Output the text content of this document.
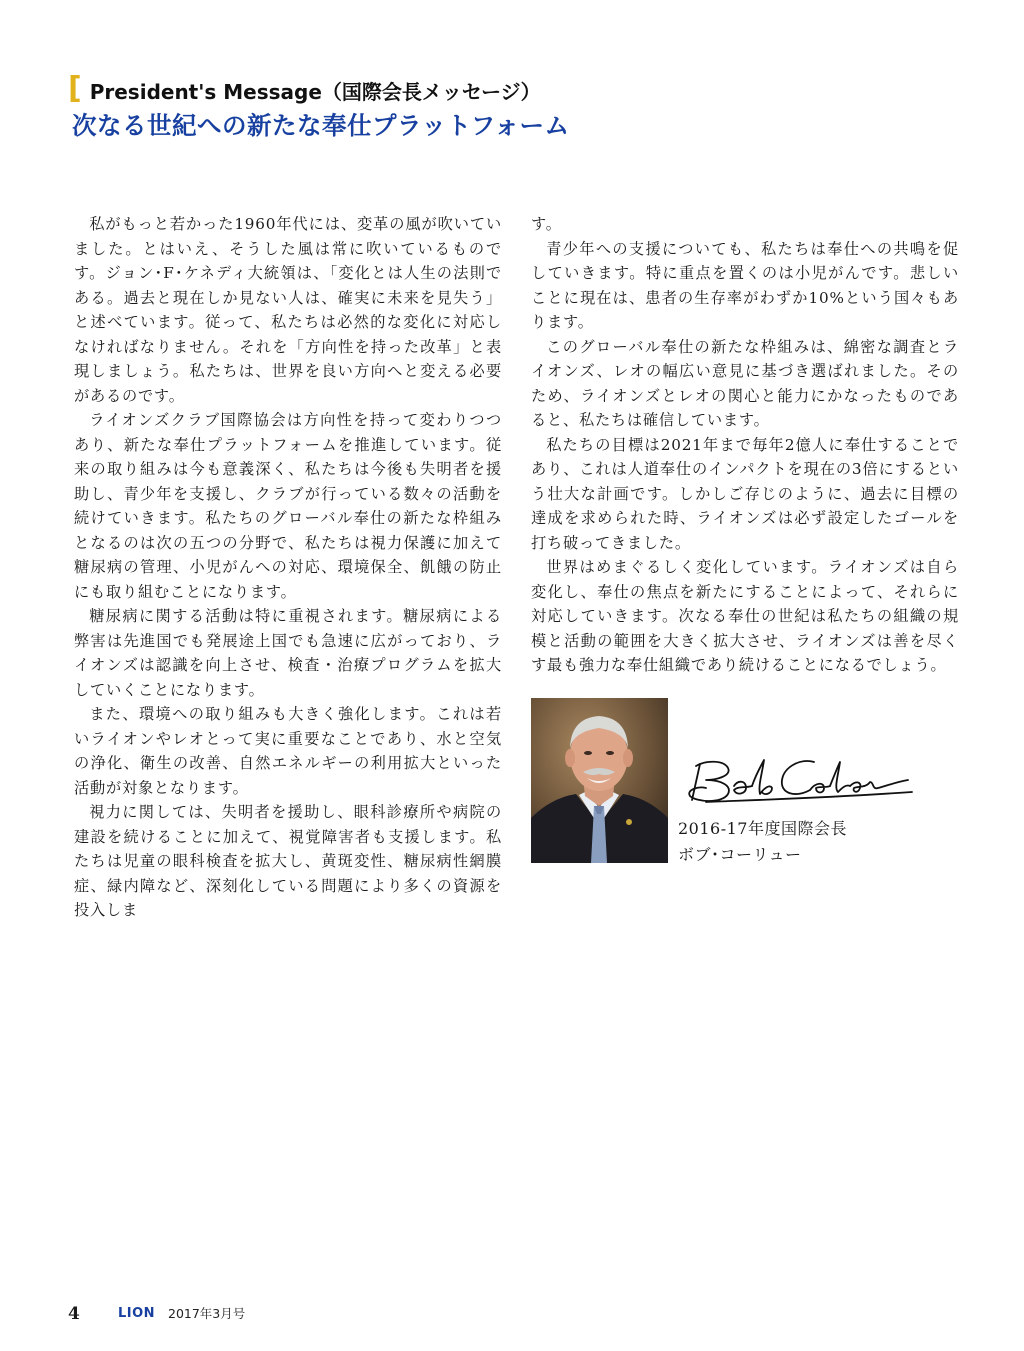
[ President's Message（国際会長メッセージ）
次なる世紀への新たな奉仕プラットフォーム

私がもっと若かった1960年代には、変革の風が吹いていました。とはいえ、そうした風は常に吹いているものです。ジョン･F･ケネディ大統領は、「変化とは人生の法則である。過去と現在しか見ない人は、確実に未来を見失う」と述べています。従って、私たちは必然的な変化に対応しなければなりません。それを「方向性を持った改革」と表現しましょう。私たちは、世界を良い方向へと変える必要があるのです。

ライオンズクラブ国際協会は方向性を持って変わりつつあり、新たな奉仕プラットフォームを推進しています。従来の取り組みは今も意義深く、私たちは今後も失明者を援助し、青少年を支援し、クラブが行っている数々の活動を続けていきます。私たちのグローバル奉仕の新たな枠組みとなるのは次の五つの分野で、私たちは視力保護に加えて糖尿病の管理、小児がんへの対応、環境保全、飢餓の防止にも取り組むことになります。

糖尿病に関する活動は特に重視されます。糖尿病による弊害は先進国でも発展途上国でも急速に広がっており、ライオンズは認識を向上させ、検査・治療プログラムを拡大していくことになります。

また、環境への取り組みも大きく強化します。これは若いライオンやレオとって実に重要なことであり、水と空気の浄化、衛生の改善、自然エネルギーの利用拡大といった活動が対象となります。

視力に関しては、失明者を援助し、眼科診療所や病院の建設を続けることに加えて、視覚障害者も支援します。私たちは児童の眼科検査を拡大し、黄斑変性、糖尿病性網膜症、緑内障など、深刻化している問題により多くの資源を投入しま

す。

青少年への支援についても、私たちは奉仕への共鳴を促していきます。特に重点を置くのは小児がんです。悲しいことに現在は、患者の生存率がわずか10%という国々もあります。

このグローバル奉仕の新たな枠組みは、綿密な調査とライオンズ、レオの幅広い意見に基づき選ばれました。そのため、ライオンズとレオの関心と能力にかなったものであると、私たちは確信しています。

私たちの目標は2021年まで毎年2億人に奉仕することであり、これは人道奉仕のインパクトを現在の3倍にするという壮大な計画です。しかしご存じのように、過去に目標の達成を求められた時、ライオンズは必ず設定したゴールを打ち破ってきました。

世界はめまぐるしく変化しています。ライオンズは自ら変化し、奉仕の焦点を新たにすることによって、それらに対応していきます。次なる奉仕の世紀は私たちの組織の規模と活動の範囲を大きく拡大させ、ライオンズは善を尽くす最も強力な奉仕組織であり続けることになるでしょう。

2016-17年度国際会長
ボブ･コーリュー
4	LION 2017年3月号
